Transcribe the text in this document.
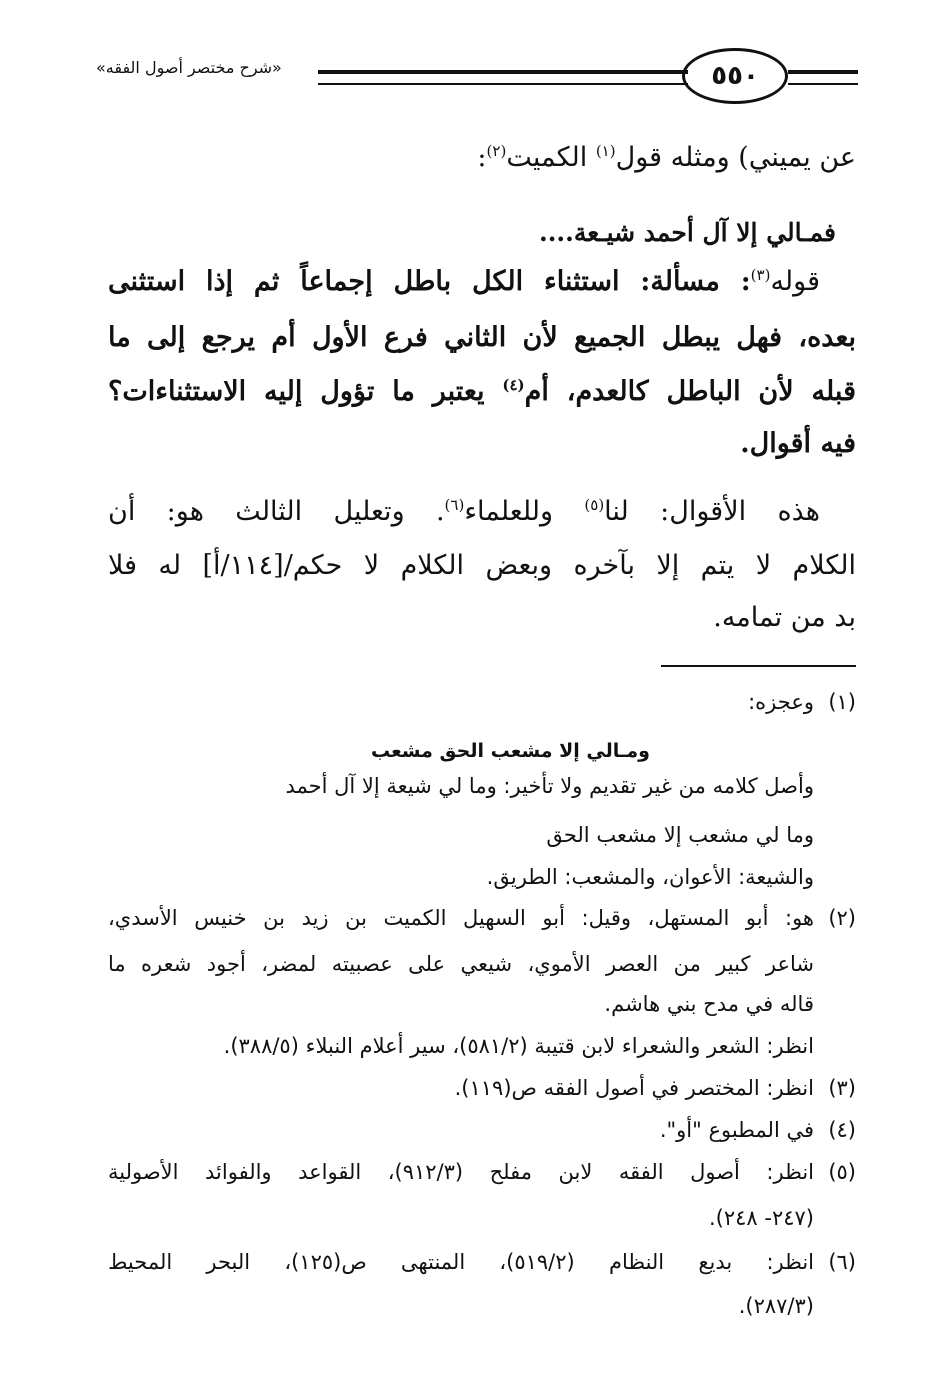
٥٥٠
«شرح مختصر أصول الفقه»
عن يميني) ومثله قول$^{(١)}$ الكميت$^{(٢)}$:
فمـالي إلا آل أحمد شيـعة....
قوله$^{(٣)}$: مسألة: استثناء الكل باطل إجماعاً ثم إذا استثنى
بعده، فهل يبطل الجميع لأن الثاني فرع الأول أم يرجع إلى ما
قبله لأن الباطل كالعدم، أم$^{(٤)}$ يعتبر ما تؤول إليه الاستثناءات؟
فيه أقوال.
هذه الأقوال: لنا$^{(٥)}$ وللعلماء$^{(٦)}$. وتعليل الثالث هو: أن
الكلام لا يتم إلا بآخره وبعض الكلام لا حكم/[١١٤/أ] له فلا
بد من تمامه.
(١)
وعجزه:
ومـالي إلا مشعب الحق مشعب
وأصل كلامه من غير تقديم ولا تأخير: وما لي شيعة إلا آل أحمد
وما لي مشعب إلا مشعب الحق
والشيعة: الأعوان، والمشعب: الطريق.
(٢)
هو: أبو المستهل، وقيل: أبو السهيل الكميت بن زيد بن خنيس الأسدي،
شاعر كبير من العصر الأموي، شيعي على عصبيته لمضر، أجود شعره ما
قاله في مدح بني هاشم.
انظر: الشعر والشعراء لابن قتيبة (٥٨١/٢)، سير أعلام النبلاء (٣٨٨/٥).
(٣)
انظر: المختصر في أصول الفقه ص(١١٩).
(٤)
في المطبوع "أو".
(٥)
انظر: أصول الفقه لابن مفلح (٩١٢/٣)، القواعد والفوائد الأصولية
(٢٤٧- ٢٤٨).
(٦)
انظر: بديع النظام (٥١٩/٢)، المنتهى ص(١٢٥)، البحر المحيط
(٢٨٧/٣).
